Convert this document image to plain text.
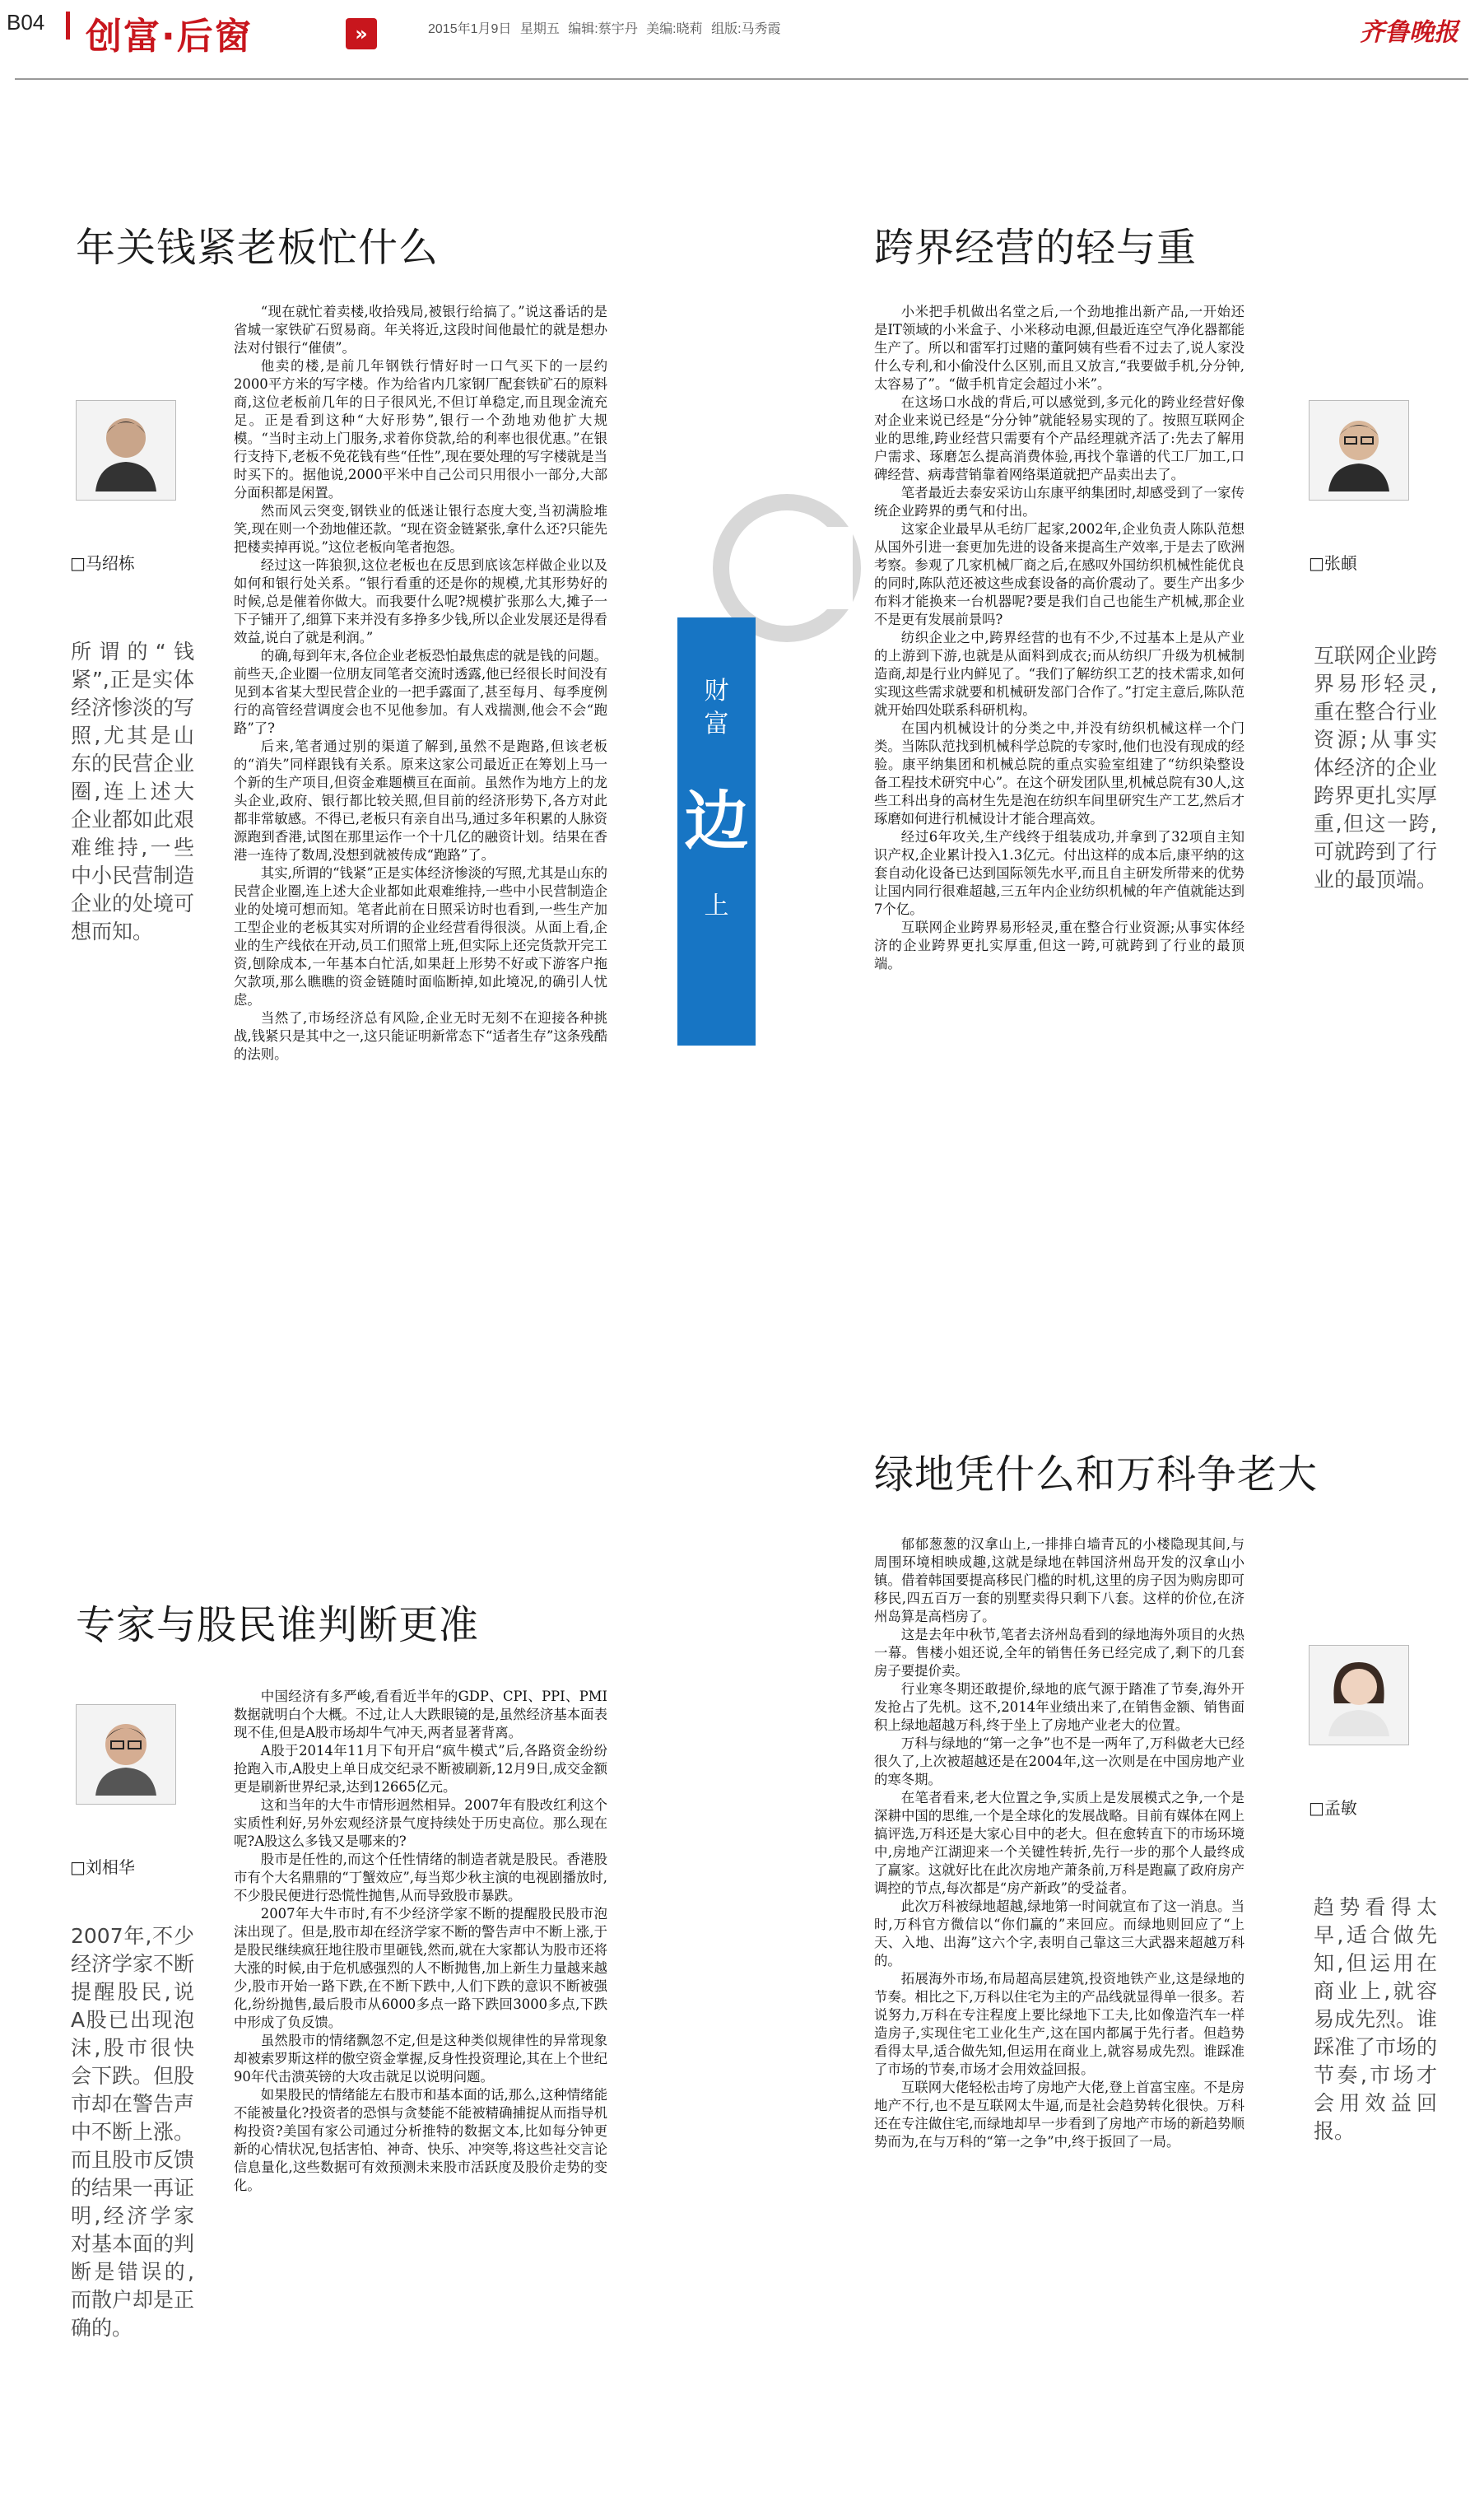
B04 创富·后窗	»	2015年1月9日 星期五 编辑:蔡宇丹 美编:晓莉 组版:马秀霞	齐鲁晚报
财
富
边
上
年关钱紧老板忙什么
□马绍栋
所谓的“钱紧”,正是实体经济惨淡的写照,尤其是山东的民营企业圈,连上述大企业都如此艰难维持,一些中小民营制造企业的处境可想而知。

“现在就忙着卖楼,收拾残局,被银行给搞了。”说这番话的是省城一家铁矿石贸易商。年关将近,这段时间他最忙的就是想办法对付银行“催债”。

他卖的楼,是前几年钢铁行情好时一口气买下的一层约2000平方米的写字楼。作为给省内几家钢厂配套铁矿石的原料商,这位老板前几年的日子很风光,不但订单稳定,而且现金流充足。正是看到这种“大好形势”,银行一个劲地劝他扩大规模。“当时主动上门服务,求着你贷款,给的利率也很优惠。”在银行支持下,老板不免花钱有些“任性”,现在要处理的写字楼就是当时买下的。据他说,2000平米中自己公司只用很小一部分,大部分面积都是闲置。

然而风云突变,钢铁业的低迷让银行态度大变,当初满脸堆笑,现在则一个劲地催还款。“现在资金链紧张,拿什么还?只能先把楼卖掉再说。”这位老板向笔者抱怨。

经过这一阵狼狈,这位老板也在反思到底该怎样做企业以及如何和银行处关系。“银行看重的还是你的规模,尤其形势好的时候,总是催着你做大。而我要什么呢?规模扩张那么大,摊子一下子铺开了,细算下来并没有多挣多少钱,所以企业发展还是得看效益,说白了就是利润。”

的确,每到年末,各位企业老板恐怕最焦虑的就是钱的问题。前些天,企业圈一位朋友同笔者交流时透露,他已经很长时间没有见到本省某大型民营企业的一把手露面了,甚至每月、每季度例行的高管经营调度会也不见他参加。有人戏揣测,他会不会“跑路”了?

后来,笔者通过别的渠道了解到,虽然不是跑路,但该老板的“消失”同样跟钱有关系。原来这家公司最近正在筹划上马一个新的生产项目,但资金难题横亘在面前。虽然作为地方上的龙头企业,政府、银行都比较关照,但目前的经济形势下,各方对此都非常敏感。不得已,老板只有亲自出马,通过多年积累的人脉资源跑到香港,试图在那里运作一个十几亿的融资计划。结果在香港一连待了数周,没想到就被传成“跑路”了。

其实,所谓的“钱紧”正是实体经济惨淡的写照,尤其是山东的民营企业圈,连上述大企业都如此艰难维持,一些中小民营制造企业的处境可想而知。笔者此前在日照采访时也看到,一些生产加工型企业的老板其实对所谓的企业经营看得很淡。从面上看,企业的生产线依在开动,员工们照常上班,但实际上还完货款开完工资,刨除成本,一年基本白忙活,如果赶上形势不好或下游客户拖欠款项,那么瞧瞧的资金链随时面临断掉,如此境况,的确引人忧虑。

当然了,市场经济总有风险,企业无时无刻不在迎接各种挑战,钱紧只是其中之一,这只能证明新常态下“适者生存”这条残酷的法则。

跨界经营的轻与重
□张頔
互联网企业跨界易形轻灵,重在整合行业资源;从事实体经济的企业跨界更扎实厚重,但这一跨,可就跨到了行业的最顶端。

小米把手机做出名堂之后,一个劲地推出新产品,一开始还是IT领域的小米盒子、小米移动电源,但最近连空气净化器都能生产了。所以和雷军打过赌的董阿姨有些看不过去了,说人家没什么专利,和小偷没什么区别,而且又放言,“我要做手机,分分钟,太容易了”。“做手机肯定会超过小米”。

在这场口水战的背后,可以感觉到,多元化的跨业经营好像对企业来说已经是“分分钟”就能轻易实现的了。按照互联网企业的思维,跨业经营只需要有个产品经理就齐活了:先去了解用户需求、琢磨怎么提高消费体验,再找个靠谱的代工厂加工,口碑经营、病毒营销靠着网络渠道就把产品卖出去了。

笔者最近去泰安采访山东康平纳集团时,却感受到了一家传统企业跨界的勇气和付出。

这家企业最早从毛纺厂起家,2002年,企业负责人陈队范想从国外引进一套更加先进的设备来提高生产效率,于是去了欧洲考察。参观了几家机械厂商之后,在感叹外国纺织机械性能优良的同时,陈队范还被这些成套设备的高价震动了。要生产出多少布料才能换来一台机器呢?要是我们自己也能生产机械,那企业不是更有发展前景吗?

纺织企业之中,跨界经营的也有不少,不过基本上是从产业的上游到下游,也就是从面料到成衣;而从纺织厂升级为机械制造商,却是行业内鲜见了。“我们了解纺织工艺的技术需求,如何实现这些需求就要和机械研发部门合作了。”打定主意后,陈队范就开始四处联系科研机构。

在国内机械设计的分类之中,并没有纺织机械这样一个门类。当陈队范找到机械科学总院的专家时,他们也没有现成的经验。康平纳集团和机械总院的重点实验室组建了“纺织染整设备工程技术研究中心”。在这个研发团队里,机械总院有30人,这些工科出身的高材生先是泡在纺织车间里研究生产工艺,然后才琢磨如何进行机械设计才能合理高效。

经过6年攻关,生产线终于组装成功,并拿到了32项自主知识产权,企业累计投入1.3亿元。付出这样的成本后,康平纳的这套自动化设备已达到国际领先水平,而且自主研发所带来的优势让国内同行很难超越,三五年内企业纺织机械的年产值就能达到7个亿。

互联网企业跨界易形轻灵,重在整合行业资源;从事实体经济的企业跨界更扎实厚重,但这一跨,可就跨到了行业的最顶端。

专家与股民谁判断更准
□刘相华
2007年,不少经济学家不断提醒股民,说A股已出现泡沫,股市很快会下跌。但股市却在警告声中不断上涨。而且股市反馈的结果一再证明,经济学家对基本面的判断是错误的,而散户却是正确的。

中国经济有多严峻,看看近半年的GDP、CPI、PPI、PMI数据就明白个大概。不过,让人大跌眼镜的是,虽然经济基本面表现不佳,但是A股市场却牛气冲天,两者显著背离。

A股于2014年11月下旬开启“疯牛模式”后,各路资金纷纷抢跑入市,A股史上单日成交纪录不断被刷新,12月9日,成交金额更是刷新世界纪录,达到12665亿元。

这和当年的大牛市情形迥然相异。2007年有股改红利这个实质性利好,另外宏观经济景气度持续处于历史高位。那么现在呢?A股这么多钱又是哪来的?

股市是任性的,而这个任性情绪的制造者就是股民。香港股市有个大名鼎鼎的“丁蟹效应”,每当郑少秋主演的电视剧播放时,不少股民便进行恐慌性抛售,从而导致股市暴跌。

2007年大牛市时,有不少经济学家不断的提醒股民股市泡沫出现了。但是,股市却在经济学家不断的警告声中不断上涨,于是股民继续疯狂地往股市里砸钱,然而,就在大家都认为股市还将大涨的时候,由于危机感强烈的人不断抛售,加上新生力量越来越少,股市开始一路下跌,在不断下跌中,人们下跌的意识不断被强化,纷纷抛售,最后股市从6000多点一路下跌回3000多点,下跌中形成了负反馈。

虽然股市的情绪飘忽不定,但是这种类似规律性的异常现象却被索罗斯这样的傲空资金掌握,反身性投资理论,其在上个世纪90年代击溃英镑的大攻击就足以说明问题。

如果股民的情绪能左右股市和基本面的话,那么,这种情绪能不能被量化?投资者的恐惧与贪婪能不能被精确捕捉从而指导机构投资?美国有家公司通过分析推特的数据文本,比如每分钟更新的心情状况,包括害怕、神奇、快乐、冲突等,将这些社交言论信息量化,这些数据可有效预测未来股市活跃度及股价走势的变化。

绿地凭什么和万科争老大
□孟敏
趋势看得太早,适合做先知,但运用在商业上,就容易成先烈。谁踩准了市场的节奏,市场才会用效益回报。

郁郁葱葱的汉拿山上,一排排白墙青瓦的小楼隐现其间,与周围环境相映成趣,这就是绿地在韩国济州岛开发的汉拿山小镇。借着韩国要提高移民门槛的时机,这里的房子因为购房即可移民,四五百万一套的别墅卖得只剩下八套。这样的价位,在济州岛算是高档房了。

这是去年中秋节,笔者去济州岛看到的绿地海外项目的火热一幕。售楼小姐还说,全年的销售任务已经完成了,剩下的几套房子要提价卖。

行业寒冬期还敢提价,绿地的底气源于踏准了节奏,海外开发抢占了先机。这不,2014年业绩出来了,在销售金额、销售面积上绿地超越万科,终于坐上了房地产业老大的位置。

万科与绿地的“第一之争”也不是一两年了,万科做老大已经很久了,上次被超越还是在2004年,这一次则是在中国房地产业的寒冬期。

在笔者看来,老大位置之争,实质上是发展模式之争,一个是深耕中国的思维,一个是全球化的发展战略。目前有媒体在网上搞评选,万科还是大家心目中的老大。但在愈转直下的市场环境中,房地产江湖迎来一个关键性转折,先行一步的那个人最终成了赢家。这就好比在此次房地产萧条前,万科是跑赢了政府房产调控的节点,每次都是“房产新政”的受益者。

此次万科被绿地超越,绿地第一时间就宣布了这一消息。当时,万科官方微信以“你们赢的”来回应。而绿地则回应了“上天、入地、出海”这六个字,表明自己靠这三大武器来超越万科的。

拓展海外市场,布局超高层建筑,投资地铁产业,这是绿地的节奏。相比之下,万科以住宅为主的产品线就显得单一很多。若说努力,万科在专注程度上要比绿地下工夫,比如像造汽车一样造房子,实现住宅工业化生产,这在国内都属于先行者。但趋势看得太早,适合做先知,但运用在商业上,就容易成先烈。谁踩准了市场的节奏,市场才会用效益回报。

互联网大佬轻松击垮了房地产大佬,登上首富宝座。不是房地产不行,也不是互联网太牛逼,而是社会趋势转化很快。万科还在专注做住宅,而绿地却早一步看到了房地产市场的新趋势顺势而为,在与万科的“第一之争”中,终于扳回了一局。
